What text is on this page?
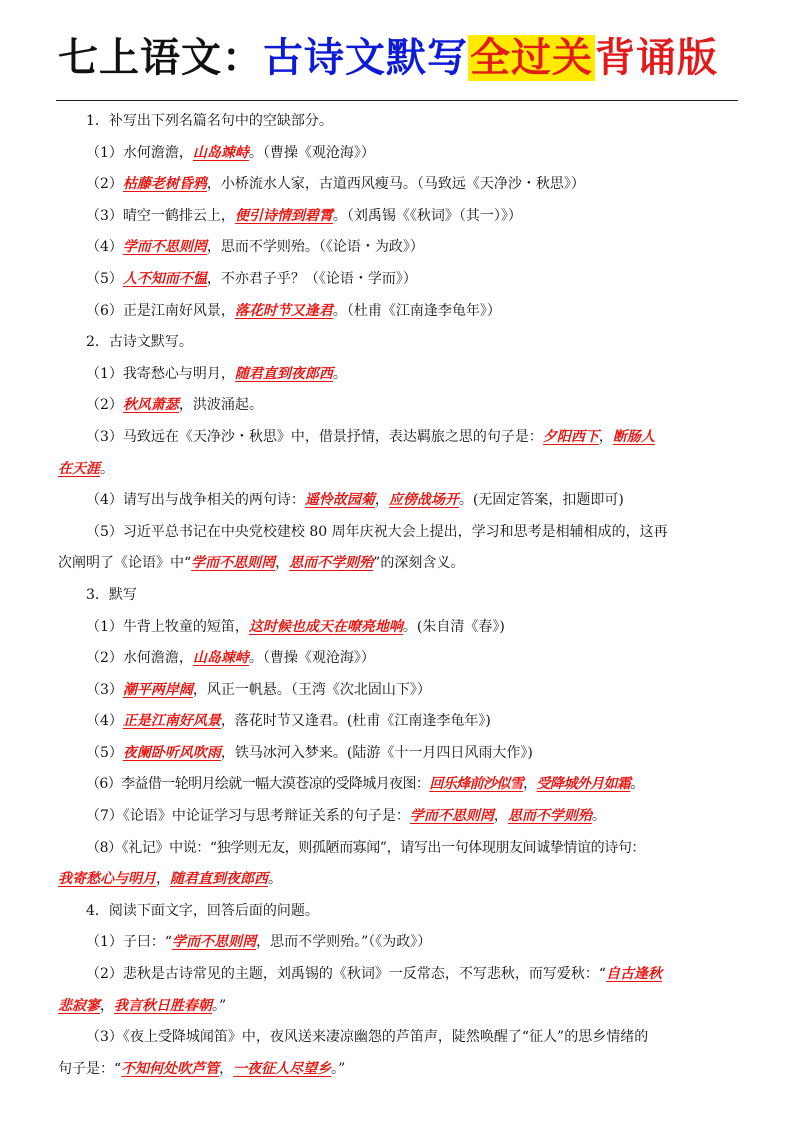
七上语文：古诗文默写全过关背诵版
1．补写出下列名篇名句中的空缺部分。
（1）水何澹澹，山岛竦峙。（曹操《观沧海》）
（2）枯藤老树昏鸦，小桥流水人家，古道西风瘦马。（马致远《天净沙・秋思》）
（3）晴空一鹤排云上，便引诗情到碧霄。（刘禹锡《《秋词》（其一）》）
（4）学而不思则罔，思而不学则殆。（《论语・为政》）
（5）人不知而不愠，不亦君子乎？（《论语・学而》）
（6）正是江南好风景，落花时节又逢君。（杜甫《江南逢李龟年》）
2．古诗文默写。
（1）我寄愁心与明月，随君直到夜郎西。
（2）秋风萧瑟，洪波涌起。
（3）马致远在《天净沙・秋思》中，借景抒情，表达羁旅之思的句子是：夕阳西下，断肠人
在天涯。
（4）请写出与战争相关的两句诗：遥怜故园菊，应傍战场开。(无固定答案，扣题即可)
（5）习近平总书记在中央党校建校 80 周年庆祝大会上提出，学习和思考是相辅相成的，这再
次阐明了《论语》中“学而不思则罔，思而不学则殆”的深刻含义。
3．默写
（1）牛背上牧童的短笛，这时候也成天在嘹亮地响。(朱自清《春》)
（2）水何澹澹，山岛竦峙。（曹操《观沧海》）
（3）潮平两岸阔，风正一帆悬。（王湾《次北固山下》）
（4）正是江南好风景，落花时节又逢君。(杜甫《江南逢李龟年》)
（5）夜阑卧听风吹雨，铁马冰河入梦来。(陆游《十一月四日风雨大作》)
（6）李益借一轮明月绘就一幅大漠苍凉的受降城月夜图：回乐烽前沙似雪，受降城外月如霜。
（7）《论语》中论证学习与思考辩证关系的句子是：学而不思则罔，思而不学则殆。
（8）《礼记》中说：“独学则无友，则孤陋而寡闻”，请写出一句体现朋友间诚挚情谊的诗句：
我寄愁心与明月，随君直到夜郎西。
4．阅读下面文字，回答后面的问题。
（1）子曰：“学而不思则罔，思而不学则殆。”（《为政》）
（2）悲秋是古诗常见的主题，刘禹锡的《秋词》一反常态，不写悲秋，而写爱秋：“自古逢秋
悲寂寥，我言秋日胜春朝。”
（3）《夜上受降城闻笛》中，夜风送来凄凉幽怨的芦笛声，陡然唤醒了“征人”的思乡情绪的
句子是：“不知何处吹芦管，一夜征人尽望乡。”
